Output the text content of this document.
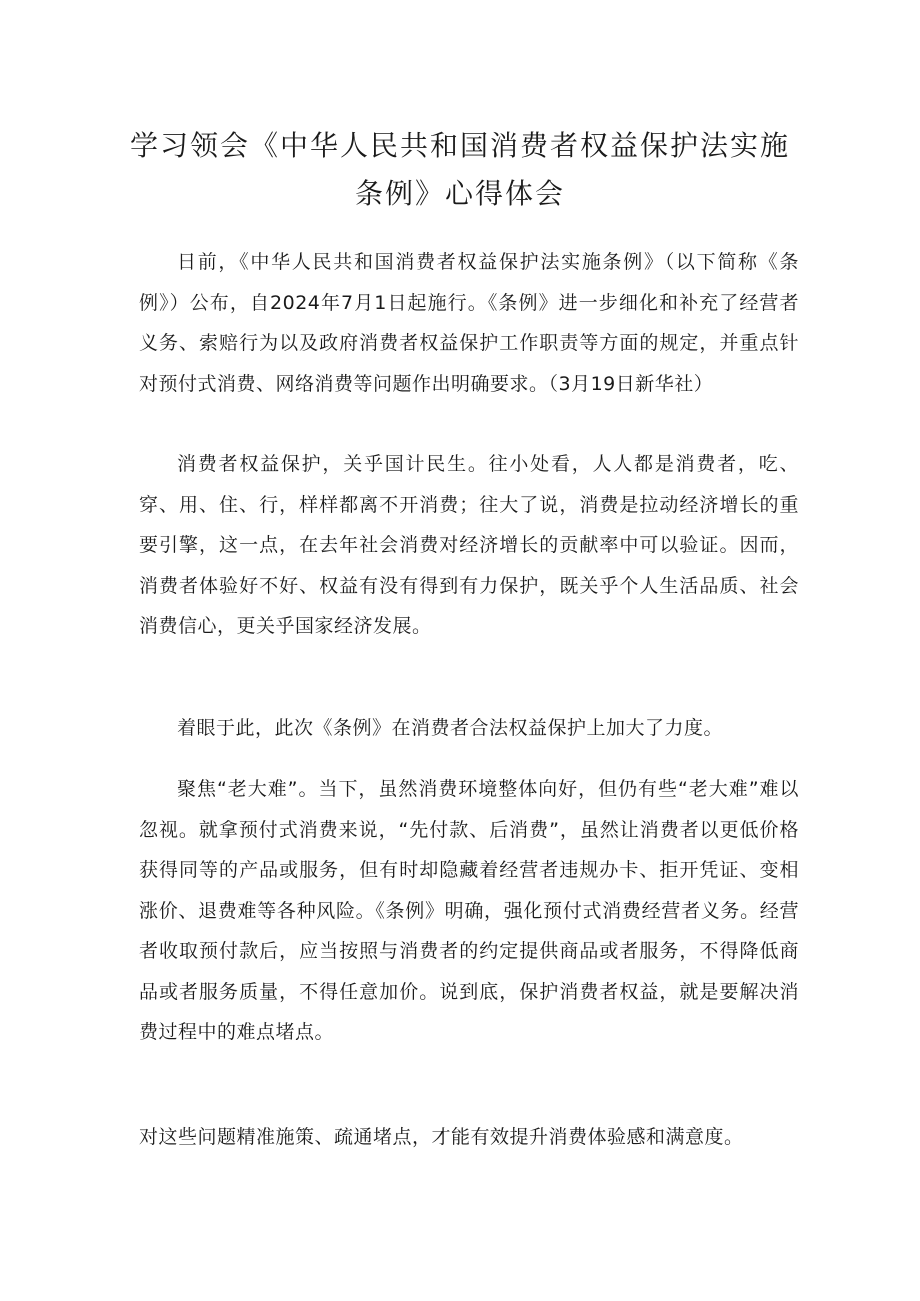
学习领会《中华人民共和国消费者权益保护法实施
条例》心得体会

日前，《中华人民共和国消费者权益保护法实施条例》（以下简称《条例》）公布，自2024年7月1日起施行。《条例》进一步细化和补充了经营者义务、索赔行为以及政府消费者权益保护工作职责等方面的规定，并重点针对预付式消费、网络消费等问题作出明确要求。（3月19日新华社）

消费者权益保护，关乎国计民生。往小处看，人人都是消费者，吃、穿、用、住、行，样样都离不开消费；往大了说，消费是拉动经济增长的重要引擎，这一点，在去年社会消费对经济增长的贡献率中可以验证。因而，消费者体验好不好、权益有没有得到有力保护，既关乎个人生活品质、社会消费信心，更关乎国家经济发展。

着眼于此，此次《条例》在消费者合法权益保护上加大了力度。

聚焦“老大难”。当下，虽然消费环境整体向好，但仍有些“老大难”难以忽视。就拿预付式消费来说，“先付款、后消费”，虽然让消费者以更低价格获得同等的产品或服务，但有时却隐藏着经营者违规办卡、拒开凭证、变相涨价、退费难等各种风险。《条例》明确，强化预付式消费经营者义务。经营者收取预付款后，应当按照与消费者的约定提供商品或者服务，不得降低商品或者服务质量，不得任意加价。说到底，保护消费者权益，就是要解决消费过程中的难点堵点。

对这些问题精准施策、疏通堵点，才能有效提升消费体验感和满意度。
